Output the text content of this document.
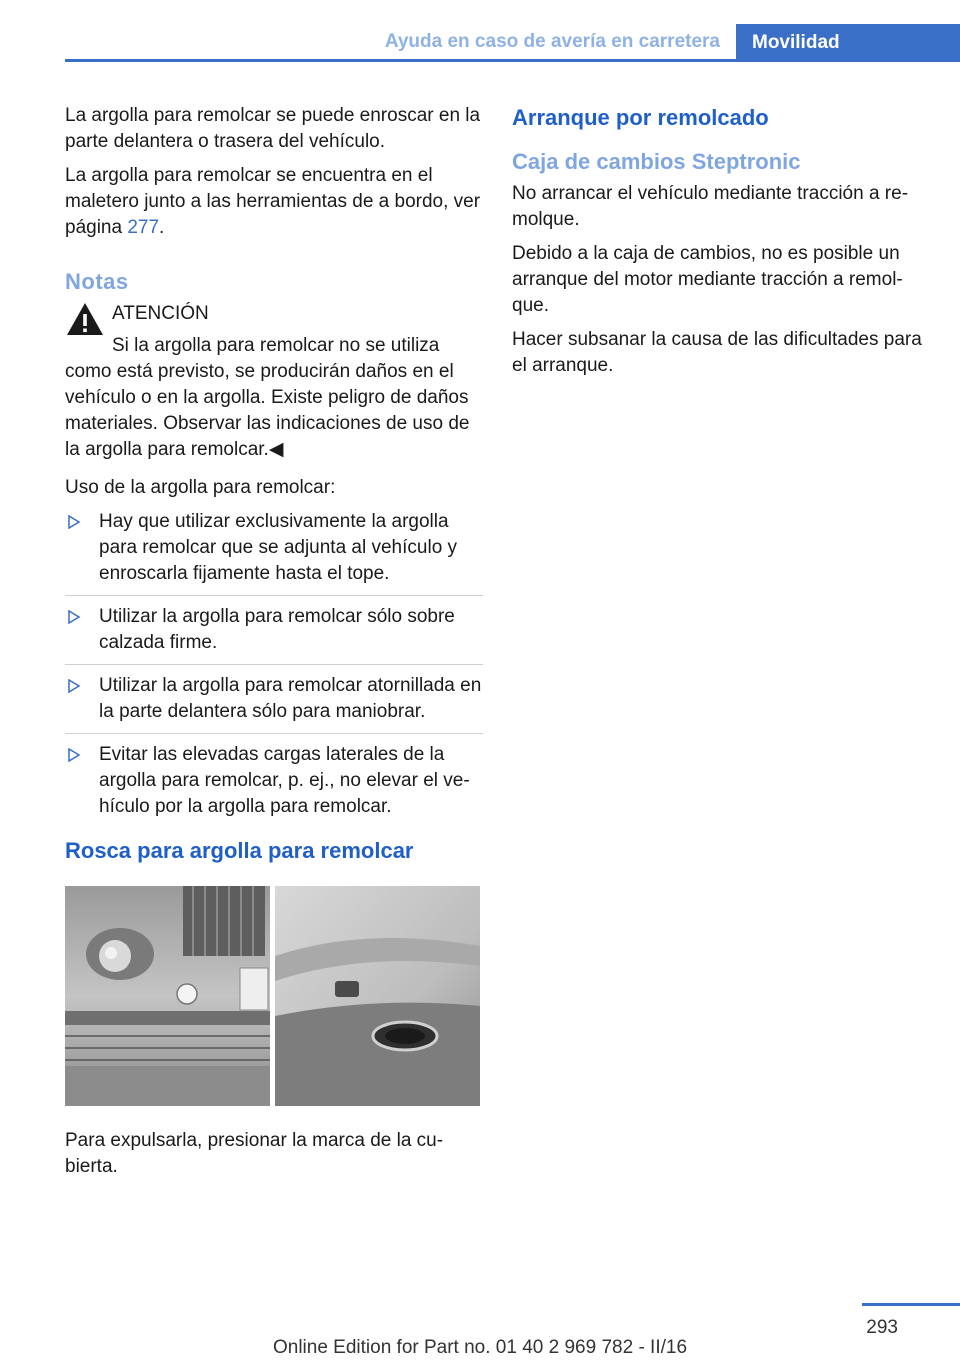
Ayuda en caso de avería en carretera	Movilidad

La argolla para remolcar se puede enroscar en la parte delantera o trasera del vehículo.

La argolla para remolcar se encuentra en el maletero junto a las herramientas de a bordo, ver página 277.

Notas

ATENCIÓN

Si la argolla para remolcar no se utiliza como está previsto, se producirán daños en el vehículo o en la argolla. Existe peligro de daños materiales. Observar las indicaciones de uso de la argolla para remolcar.◀

Uso de la argolla para remolcar:

Hay que utilizar exclusivamente la argolla para remolcar que se adjunta al vehículo y enroscarla fijamente hasta el tope.
Utilizar la argolla para remolcar sólo sobre calzada firme.
Utilizar la argolla para remolcar atornillada en la parte delantera sólo para maniobrar.
Evitar las elevadas cargas laterales de la argolla para remolcar, p. ej., no elevar el ve‐hículo por la argolla para remolcar.
Rosca para argolla para remolcar

Para expulsarla, presionar la marca de la cu‐bierta.

Arranque por remolcado
Caja de cambios Steptronic

No arrancar el vehículo mediante tracción a re‐molque.

Debido a la caja de cambios, no es posible un arranque del motor mediante tracción a remol‐que.

Hacer subsanar la causa de las dificultades para el arranque.

293
Online Edition for Part no. 01 40 2 969 782 - II/16
